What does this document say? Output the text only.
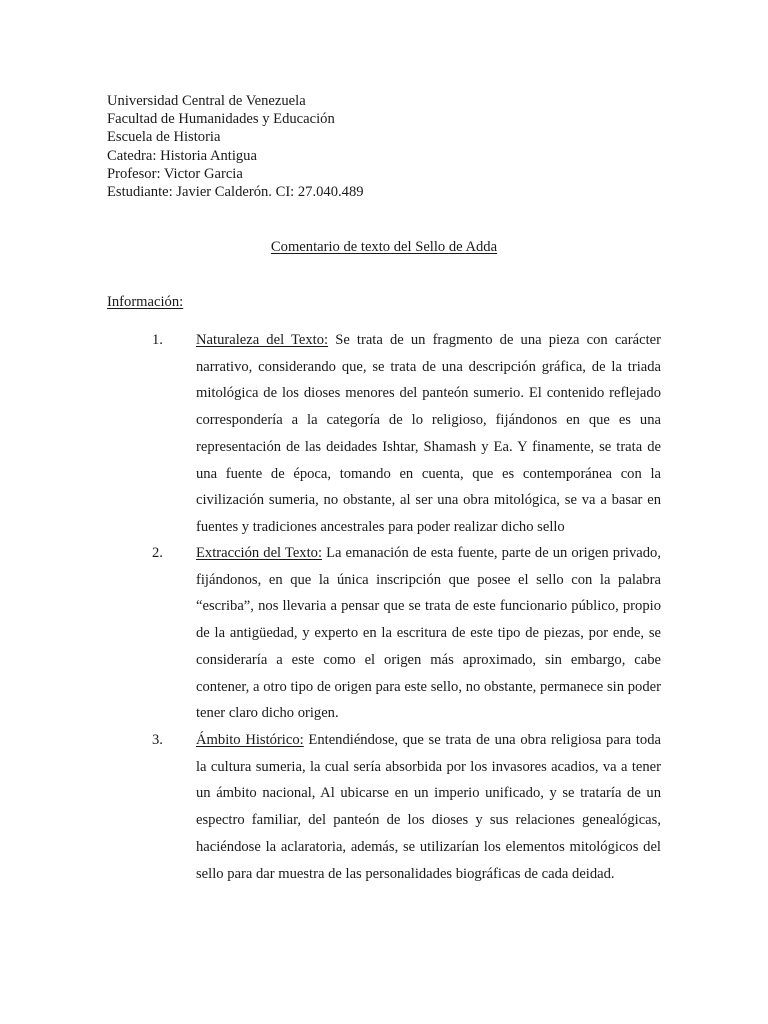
Universidad Central de Venezuela
Facultad de Humanidades y Educación
Escuela de Historia
Catedra: Historia Antigua
Profesor: Victor Garcia
Estudiante: Javier Calderón. CI: 27.040.489
Comentario de texto del Sello de Adda
Información:
1. Naturaleza del Texto: Se trata de un fragmento de una pieza con carácter narrativo, considerando que, se trata de una descripción gráfica, de la triada mitológica de los dioses menores del panteón sumerio. El contenido reflejado correspondería a la categoría de lo religioso, fijándonos en que es una representación de las deidades Ishtar, Shamash y Ea. Y finamente, se trata de una fuente de época, tomando en cuenta, que es contemporánea con la civilización sumeria, no obstante, al ser una obra mitológica, se va a basar en fuentes y tradiciones ancestrales para poder realizar dicho sello
2. Extracción del Texto: La emanación de esta fuente, parte de un origen privado, fijándonos, en que la única inscripción que posee el sello con la palabra “escriba”, nos llevaria a pensar que se trata de este funcionario público, propio de la antigüedad, y experto en la escritura de este tipo de piezas, por ende, se consideraría a este como el origen más aproximado, sin embargo, cabe contener, a otro tipo de origen para este sello, no obstante, permanece sin poder tener claro dicho origen.
3. Ámbito Histórico: Entendiéndose, que se trata de una obra religiosa para toda la cultura sumeria, la cual sería absorbida por los invasores acadios, va a tener un ámbito nacional, Al ubicarse en un imperio unificado, y se trataría de un espectro familiar, del panteón de los dioses y sus relaciones genealógicas, haciéndose la aclaratoria, además, se utilizarían los elementos mitológicos del sello para dar muestra de las personalidades biográficas de cada deidad.
